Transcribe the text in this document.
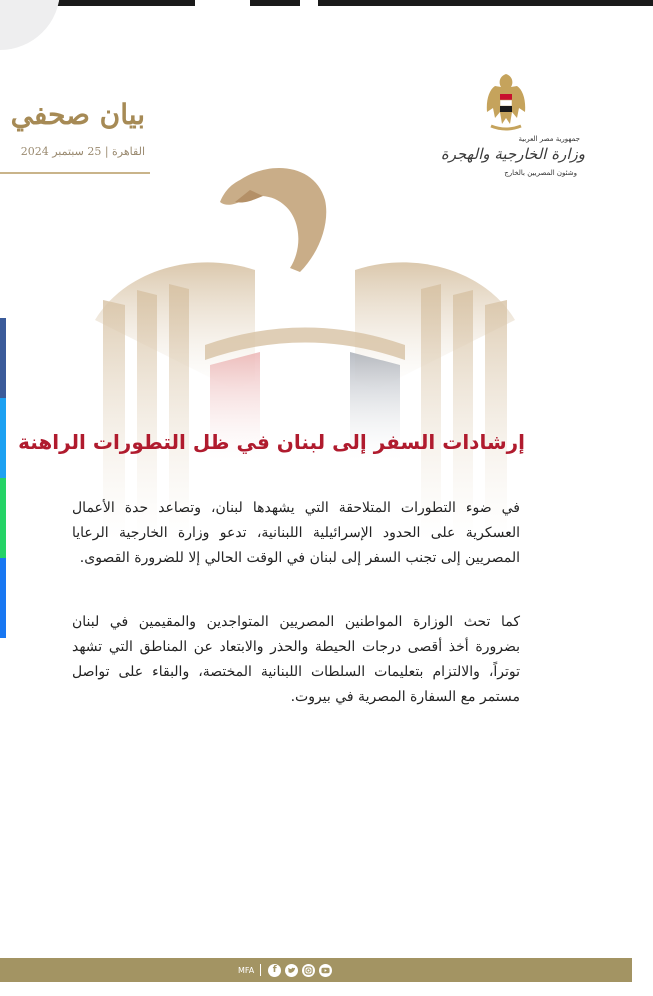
بيان صحفي
القاهرة | 25 سبتمبر 2024
جمهورية مصر العربية
وزارة الخارجية والهجرة
وشئون المصريين بالخارج
إرشادات السفر إلى لبنان في ظل التطورات الراهنة

في ضوء التطورات المتلاحقة التي يشهدها لبنان، وتصاعد حدة الأعمال العسكرية على الحدود الإسرائيلية اللبنانية، تدعو وزارة الخارجية الرعايا المصريين إلى تجنب السفر إلى لبنان في الوقت الحالي إلا للضرورة القصوى.

كما تحث الوزارة المواطنين المصريين المتواجدين والمقيمين في لبنان بضرورة أخذ أقصى درجات الحيطة والحذر والابتعاد عن المناطق التي تشهد توتراً، والالتزام بتعليمات السلطات اللبنانية المختصة، والبقاء على تواصل مستمر مع السفارة المصرية في بيروت.

MFA	f
